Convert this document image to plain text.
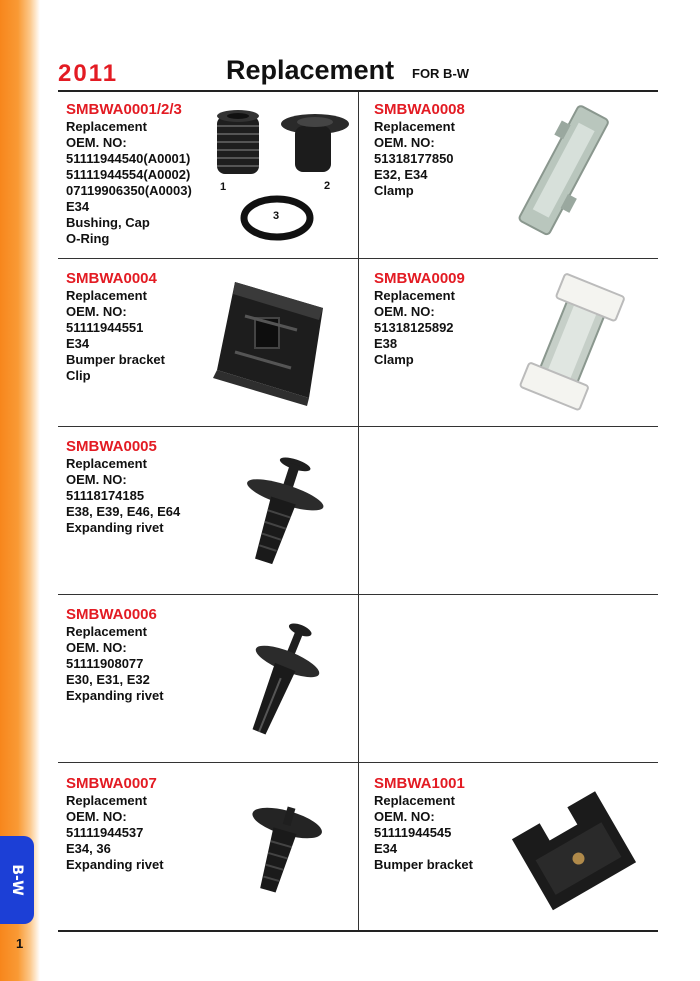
B-W
1
2011	Replacement FOR B-W
SMBWA0001/2/3
Replacement
OEM. NO:
51111944540(A0001)
51111944554(A0002)
07119906350(A0003)
E34
Bushing, Cap
O-Ring
1	2
3
SMBWA0008
Replacement
OEM. NO:
51318177850
E32, E34
Clamp
SMBWA0004
Replacement
OEM. NO:
51111944551
E34
Bumper bracket
Clip
SMBWA0009
Replacement
OEM. NO:
51318125892
E38
Clamp
SMBWA0005
Replacement
OEM. NO:
51118174185
E38, E39, E46, E64
Expanding rivet
SMBWA0006
Replacement
OEM. NO:
51111908077
E30, E31, E32
Expanding rivet
SMBWA0007
Replacement
OEM. NO:
51111944537
E34, 36
Expanding rivet
SMBWA1001
Replacement
OEM. NO:
51111944545
E34
Bumper bracket
